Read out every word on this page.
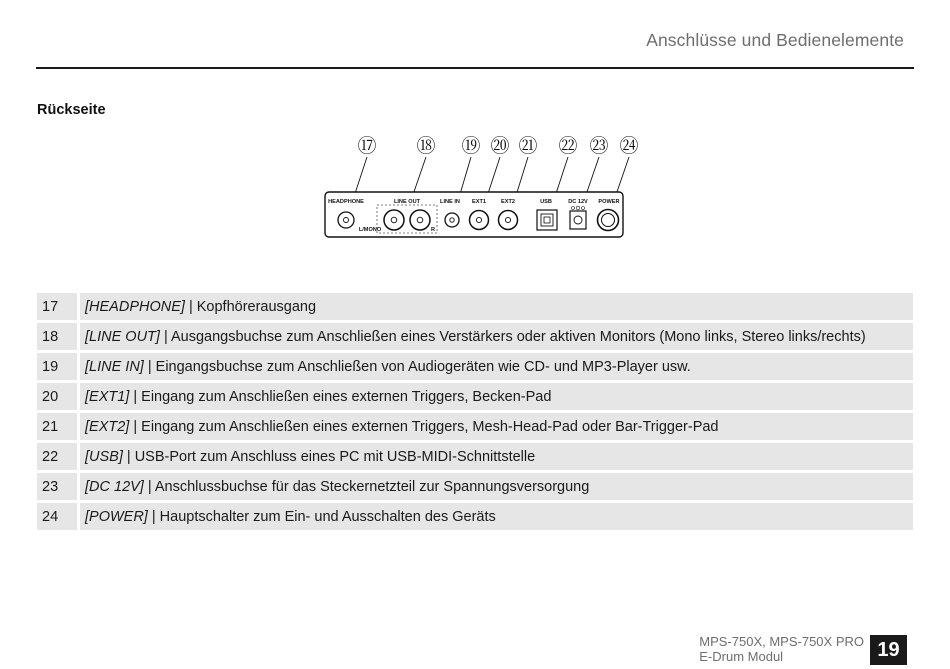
Anschlüsse und Bedienelemente
Rückseite
⑰ ⑱ ⑲ ⑳ ㉑ ㉒ ㉓ ㉔
HEADPHONE	LINE OUT
L/MONO	R
LINE IN EXT1	EXT2	USB	DC 12V POWER
17	[HEADPHONE] | Kopfhörerausgang
18	[LINE OUT] | Ausgangsbuchse zum Anschließen eines Verstärkers oder aktiven Monitors (Mono links, Stereo links/rechts)
19	[LINE IN] | Eingangsbuchse zum Anschließen von Audiogeräten wie CD- und MP3-Player usw.
20	[EXT1] | Eingang zum Anschließen eines externen Triggers, Becken-Pad
21	[EXT2] | Eingang zum Anschließen eines externen Triggers, Mesh-Head-Pad oder Bar-Trigger-Pad
22	[USB] | USB-Port zum Anschluss eines PC mit USB-MIDI-Schnittstelle
23	[DC 12V] | Anschlussbuchse für das Steckernetzteil zur Spannungsversorgung
24	[POWER] | Hauptschalter zum Ein- und Ausschalten des Geräts
MPS-750X, MPS-750X PRO
E-Drum Modul	19
